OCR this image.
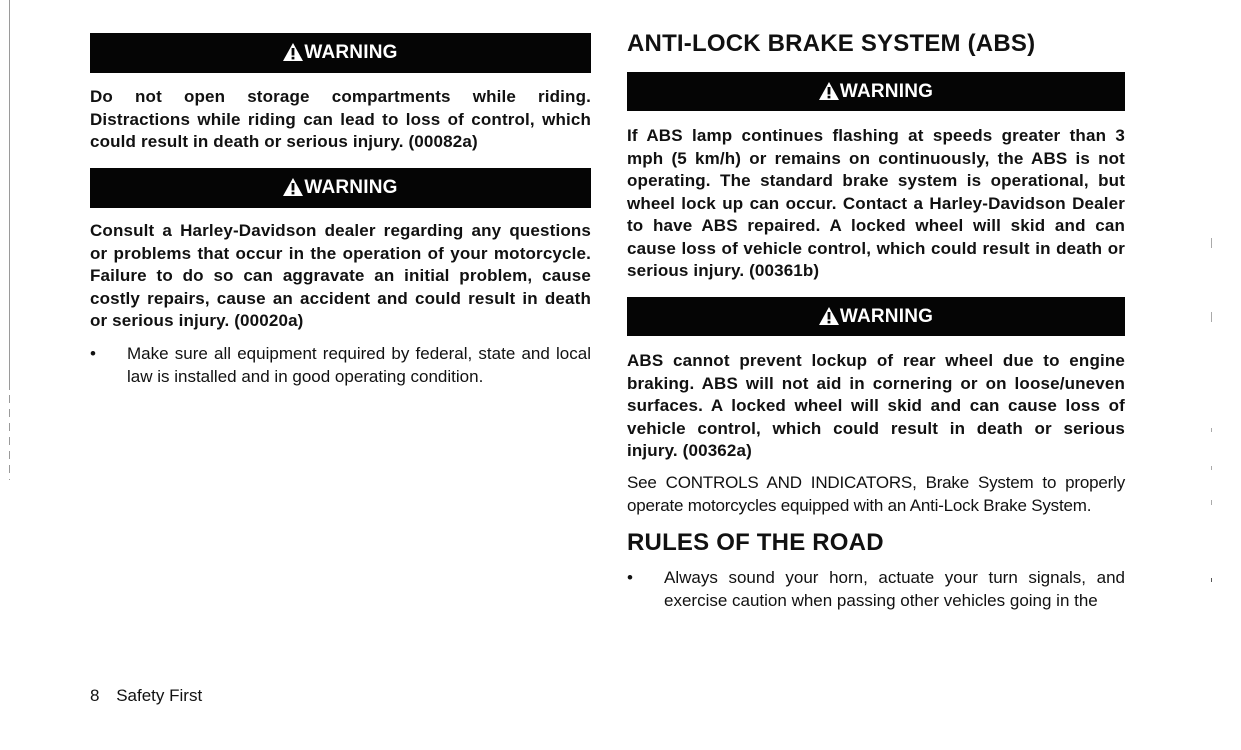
WARNING
Do not open storage compartments while riding. Distractions while riding can lead to loss of control, which could result in death or serious injury. (00082a)
WARNING
Consult a Harley-Davidson dealer regarding any questions or problems that occur in the operation of your motorcycle. Failure to do so can aggravate an initial problem, cause costly repairs, cause an accident and could result in death or serious injury. (00020a)
•	Make sure all equipment required by federal, state and local law is installed and in good operating condition.
ANTI-LOCK BRAKE SYSTEM (ABS)
WARNING
If ABS lamp continues flashing at speeds greater than 3 mph (5 km/h) or remains on continuously, the ABS is not operating. The standard brake system is operational, but wheel lock up can occur. Contact a Harley-Davidson Dealer to have ABS repaired. A locked wheel will skid and can cause loss of vehicle control, which could result in death or serious injury. (00361b)
WARNING
ABS cannot prevent lockup of rear wheel due to engine braking. ABS will not aid in cornering or on loose/uneven surfaces. A locked wheel will skid and can cause loss of vehicle control, which could result in death or serious injury. (00362a)
See CONTROLS AND INDICATORS, Brake System to properly operate motorcycles equipped with an Anti-Lock Brake System.
RULES OF THE ROAD
•	Always sound your horn, actuate your turn signals, and exercise caution when passing other vehicles going in the
8 Safety First
